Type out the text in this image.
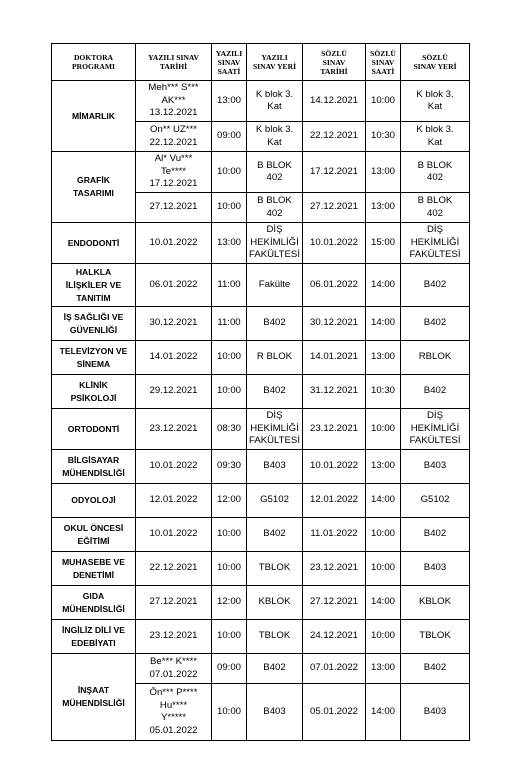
DOKTORA
PROGRAMI	YAZILI SINAV
TARİHİ	YAZILI
SINAV
SAATİ	YAZILI
SINAV YERİ	SÖZLÜ
SINAV
TARİHİ	SÖZLÜ
SINAV
SAATİ	SÖZLÜ
SINAV YERİ

MİMARLIK	Meh*** S***
AK***
13.12.2021	13:00	K blok 3.
Kat	14.12.2021	10:00	K blok 3.
Kat

	On** UZ***
22.12.2021	09:00	K blok 3.
Kat	22.12.2021	10:30	K blok 3.
Kat

GRAFİK
TASARIMI	Al* Vu***
Te****
17.12.2021	10:00	B BLOK
402	17.12.2021	13:00	B BLOK
402

	27.12.2021	10:00	B BLOK
402	27.12.2021	13:00	B BLOK
402

ENDODONTİ	10.01.2022	13:00	DİŞ
HEKİMLİĞİ
FAKÜLTESİ	10.01.2022	15:00	DİŞ
HEKİMLİĞİ
FAKÜLTESİ

HALKLA
İLİŞKİLER VE
TANITIM	06.01.2022	11:00	Fakülte	06.01.2022	14:00	B402

İŞ SAĞLIĞI VE
GÜVENLİĞİ	30.12.2021	11:00	B402	30.12.2021	14:00	B402

TELEVİZYON VE
SİNEMA	14.01.2022	10:00	R BLOK	14.01.2021	13:00	RBLOK

KLİNİK
PSİKOLOJİ	29.12.2021	10:00	B402	31.12.2021	10:30	B402

ORTODONTİ	23.12.2021	08:30	DİŞ
HEKİMLİĞİ
FAKÜLTESİ	23.12.2021	10:00	DİŞ
HEKİMLİĞİ
FAKÜLTESİ

BİLGİSAYAR
MÜHENDİSLİĞİ	10.01.2022	09:30	B403	10.01.2022	13:00	B403

ODYOLOJİ	12.01.2022	12:00	G5102	12.01.2022	14:00	G5102

OKUL ÖNCESİ
EĞİTİMİ	10.01.2022	10:00	B402	11.01.2022	10:00	B402

MUHASEBE VE
DENETİMİ	22.12.2021	10:00	TBLOK	23.12.2021	10:00	B403

GIDA
MÜHENDİSLİĞİ	27.12.2021	12:00	KBLOK	27.12.2021	14:00	KBLOK

İNGİLİZ DİLİ VE
EDEBİYATI	23.12.2021	10:00	TBLOK	24.12.2021	10:00	TBLOK

İNŞAAT
MÜHENDİSLİĞİ	Be*** K****
07.01.2022	09:00	B402	07.01.2022	13:00	B402

	Ön*** P****
Hu****
Y*****
05.01.2022	10:00	B403	05.01.2022	14:00	B403
